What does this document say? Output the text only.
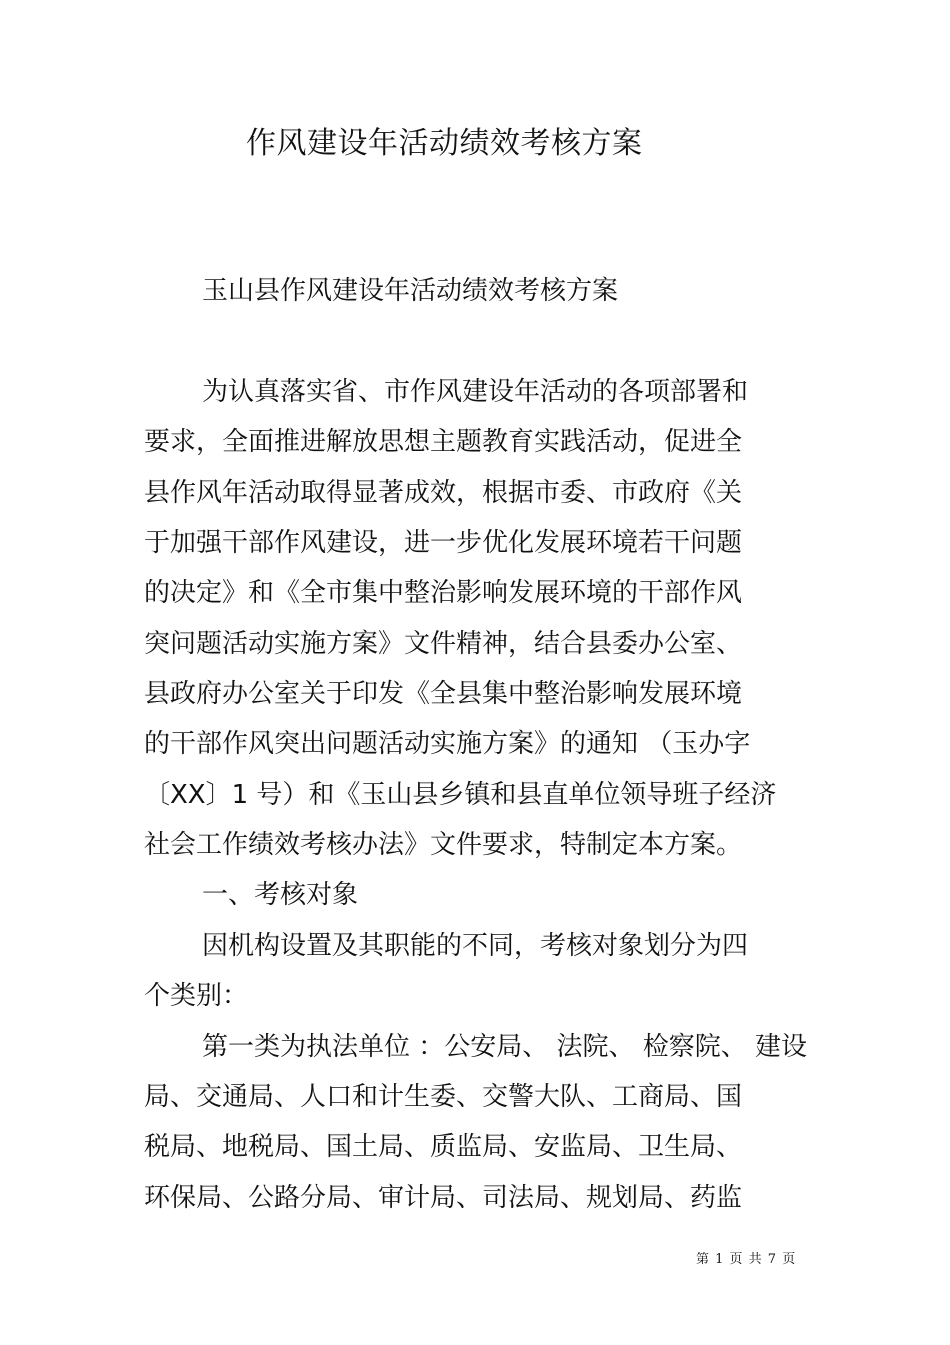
作风建设年活动绩效考核方案
玉山县作风建设年活动绩效考核方案
为认真落实省、市作风建设年活动的各项部署和
要求，全面推进解放思想主题教育实践活动，促进全
县作风年活动取得显著成效，根据市委、市政府《关
于加强干部作风建设，进一步优化发展环境若干问题
的决定》和《全市集中整治影响发展环境的干部作风
突问题活动实施方案》文件精神，结合县委办公室、
县政府办公室关于印发《全县集中整治影响发展环境
的干部作风突出问题活动实施方案》的通知 （玉办字
〔XX〕1 号）和《玉山县乡镇和县直单位领导班子经济
社会工作绩效考核办法》文件要求，特制定本方案。
一、考核对象
因机构设置及其职能的不同，考核对象划分为四
个类别：
第一类为执法单位 ：公安局、 法院、 检察院、 建设
局、交通局、人口和计生委、交警大队、工商局、国
税局、地税局、国土局、质监局、安监局、卫生局、
环保局、公路分局、审计局、司法局、规划局、药监
第 1 页 共 7 页
